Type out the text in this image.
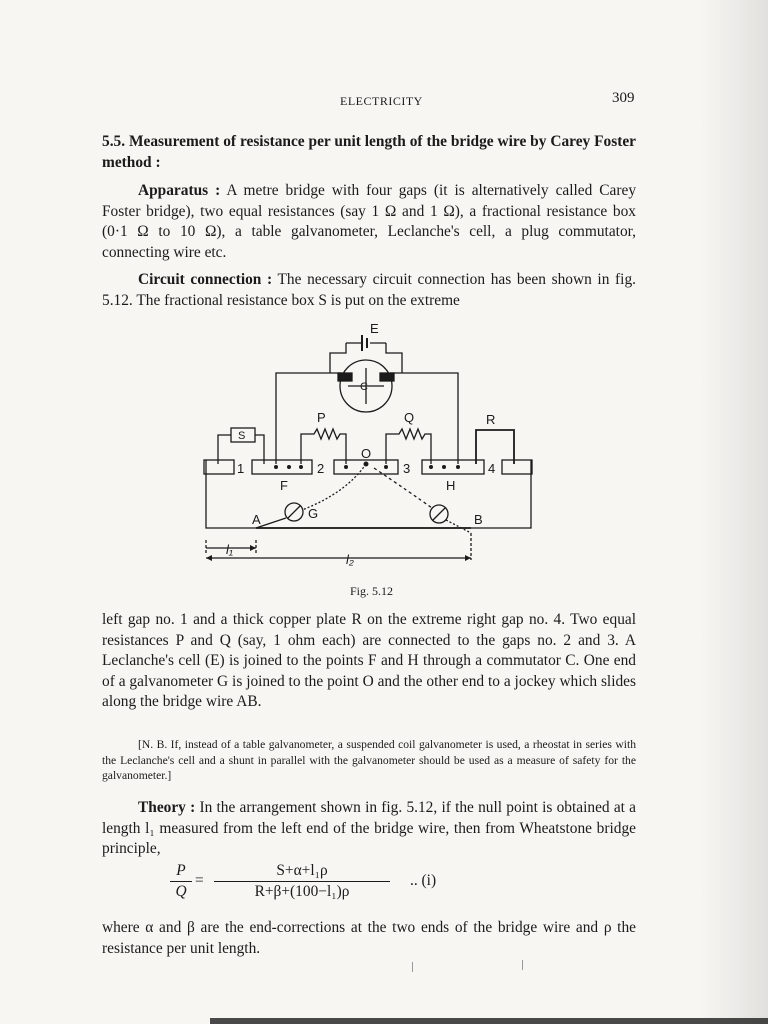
ELECTRICITY	309

5.5. Measurement of resistance per unit length of the bridge wire by Carey Foster method :

Apparatus : A metre bridge with four gaps (it is alternatively called Carey Foster bridge), two equal resistances (say 1 Ω and 1 Ω), a fractional resistance box (0·1 Ω to 10 Ω), a table galvanometer, Leclanche's cell, a plug commutator, connecting wire etc.

Circuit connection : The necessary circuit connection has been shown in fig. 5.12. The fractional resistance box S is put on the extreme

E
C
P	Q	R
S
1	2	3	4
F
O
H
G
A	B
l₁
l₂
Fig. 5.12

left gap no. 1 and a thick copper plate R on the extreme right gap no. 4. Two equal resistances P and Q (say, 1 ohm each) are connected to the gaps no. 2 and 3. A Leclanche's cell (E) is joined to the points F and H through a commutator C. One end of a galvanometer G is joined to the point O and the other end to a jockey which slides along the bridge wire AB.

[N. B. If, instead of a table galvanometer, a suspended coil galvanometer is used, a rheostat in series with the Leclanche's cell and a shunt in parallel with the galvanometer should be used as a measure of safety for the galvanometer.]

Theory : In the arrangement shown in fig. 5.12, if the null point is obtained at a length l₁ measured from the left end of the bridge wire, then from Wheatstone bridge principle,

P
Q
=
S+α+l₁ρ
R+β+(100−l₁)ρ
.. (i)

where α and β are the end-corrections at the two ends of the bridge wire and ρ the resistance per unit length.
